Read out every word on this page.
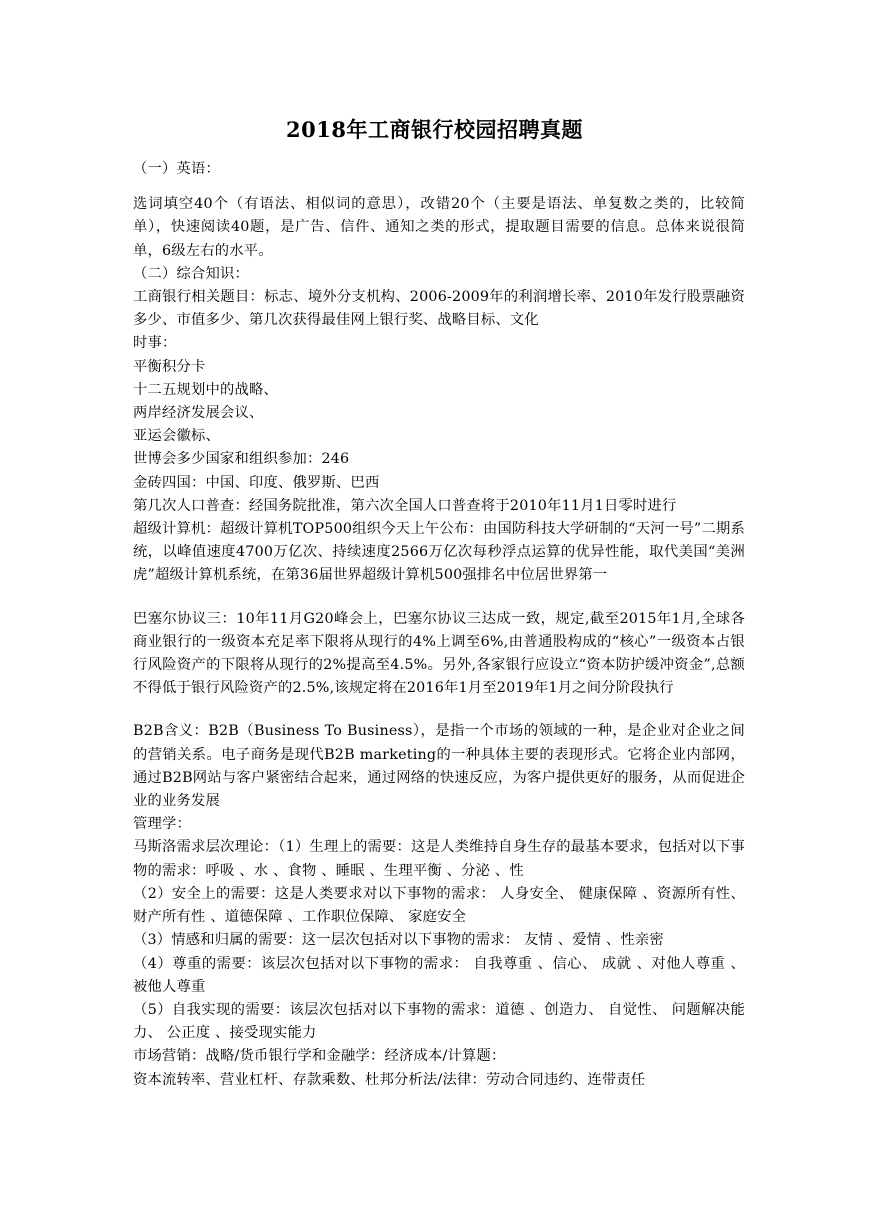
2018年工商银行校园招聘真题

（一）英语：

选词填空40个（有语法、相似词的意思），改错20个（主要是语法、单复数之类的，比较简单），快速阅读40题，是广告、信件、通知之类的形式，提取题目需要的信息。总体来说很简单，6级左右的水平。

（二）综合知识：

工商银行相关题目：标志、境外分支机构、2006-2009年的利润增长率、2010年发行股票融资多少、市值多少、第几次获得最佳网上银行奖、战略目标、文化

时事：

平衡积分卡

十二五规划中的战略、

两岸经济发展会议、

亚运会徽标、

世博会多少国家和组织参加：246

金砖四国：中国、印度、俄罗斯、巴西

第几次人口普查：经国务院批准，第六次全国人口普查将于2010年11月1日零时进行

超级计算机：超级计算机TOP500组织今天上午公布：由国防科技大学研制的“天河一号”二期系统，以峰值速度4700万亿次、持续速度2566万亿次每秒浮点运算的优异性能，取代美国“美洲虎”超级计算机系统，在第36届世界超级计算机500强排名中位居世界第一

巴塞尔协议三：10年11月G20峰会上，巴塞尔协议三达成一致，规定,截至2015年1月,全球各商业银行的一级资本充足率下限将从现行的4%上调至6%,由普通股构成的“核心”一级资本占银行风险资产的下限将从现行的2%提高至4.5%。另外,各家银行应设立“资本防护缓冲资金”,总额不得低于银行风险资产的2.5%,该规定将在2016年1月至2019年1月之间分阶段执行

B2B含义：B2B（Business To Business），是指一个市场的领域的一种，是企业对企业之间的营销关系。电子商务是现代B2B marketing的一种具体主要的表现形式。它将企业内部网，通过B2B网站与客户紧密结合起来，通过网络的快速反应，为客户提供更好的服务，从而促进企业的业务发展

管理学：

马斯洛需求层次理论：（1）生理上的需要：这是人类维持自身生存的最基本要求，包括对以下事物的需求：呼吸 、水 、食物 、睡眠 、生理平衡 、分泌 、性

（2）安全上的需要：这是人类要求对以下事物的需求： 人身安全、 健康保障 、资源所有性、 财产所有性 、道德保障 、工作职位保障、 家庭安全

（3）情感和归属的需要：这一层次包括对以下事物的需求： 友情 、爱情 、性亲密

（4）尊重的需要：该层次包括对以下事物的需求： 自我尊重 、信心、 成就 、对他人尊重 、被他人尊重

（5）自我实现的需要：该层次包括对以下事物的需求：道德 、创造力、 自觉性、 问题解决能力、 公正度 、接受现实能力

市场营销：战略/货币银行学和金融学：经济成本/计算题：

资本流转率、营业杠杆、存款乘数、杜邦分析法/法律：劳动合同违约、连带责任
